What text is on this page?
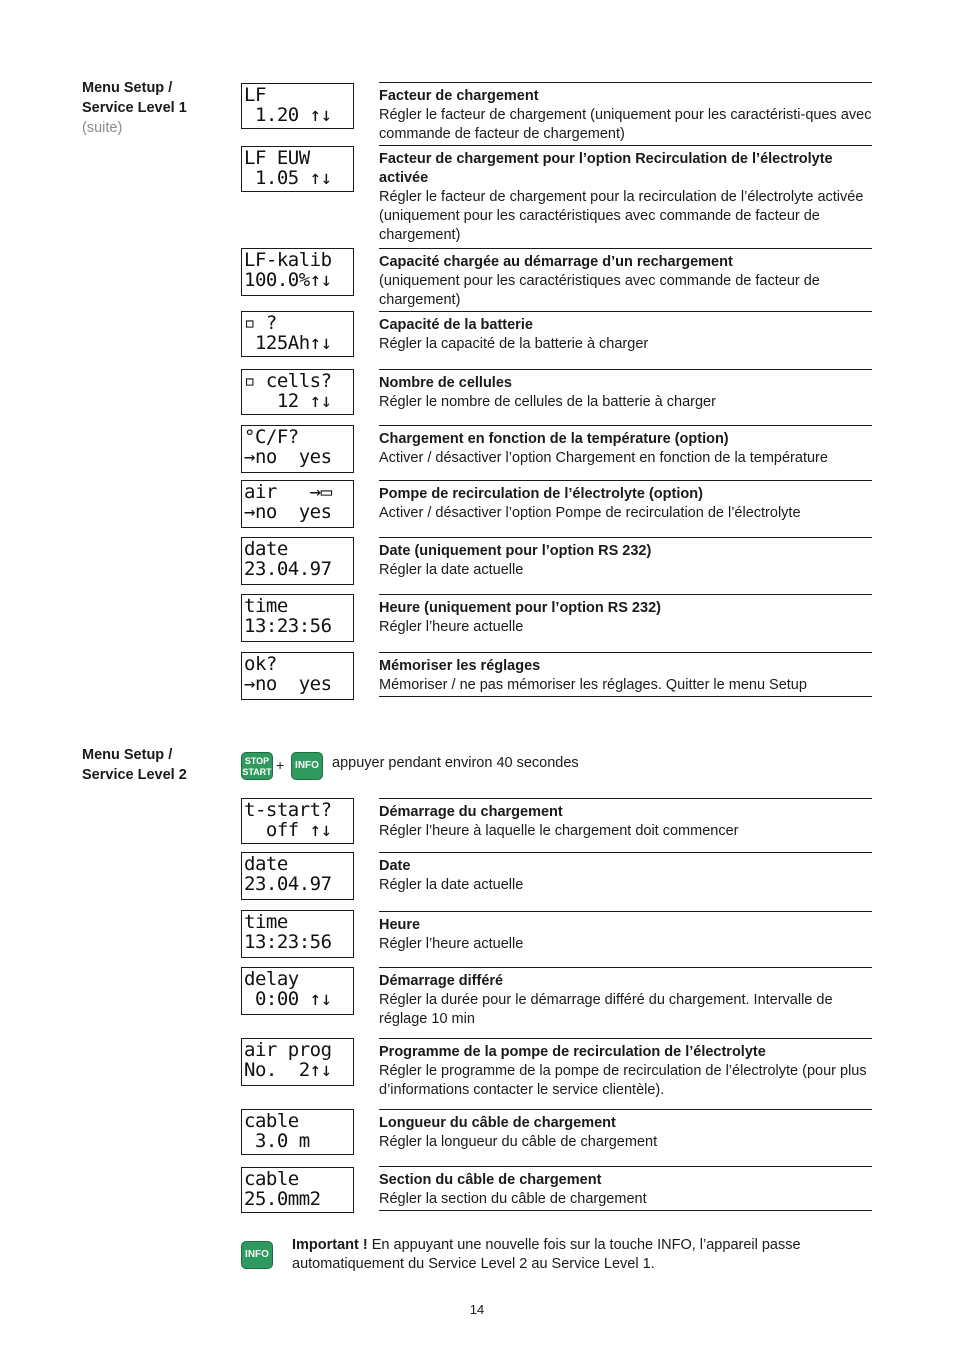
Menu Setup /
Service Level 1
(suite)
LF
1.20 ↑↓
Facteur de chargement
Régler le facteur de chargement (uniquement pour les caractéristi-ques avec commande de facteur de chargement)
LF EUW
1.05 ↑↓
Facteur de chargement pour l’option Recirculation de l’électrolyte activée
Régler le facteur de chargement pour la recirculation de l’électrolyte activée (uniquement pour les caractéristiques avec commande de facteur de chargement)
LF-kalib
100.0%↑↓
Capacité chargée au démarrage d’un rechargement
(uniquement pour les caractéristiques avec commande de facteur de chargement)
▫ ?
125Ah↑↓
Capacité de la batterie
Régler la capacité de la batterie à charger
▫ cells?
12 ↑↓
Nombre de cellules
Régler le nombre de cellules de la batterie à charger
°C/F?
→no  yes
Chargement en fonction de la température (option)
Activer / désactiver l’option Chargement en fonction de la température
air   →▭
→no  yes
Pompe de recirculation de l’électrolyte (option)
Activer / désactiver l’option Pompe de recirculation de l’électrolyte
date
23.04.97
Date (uniquement pour l’option RS 232)
Régler la date actuelle
time
13:23:56
Heure (uniquement pour l’option RS 232)
Régler l’heure actuelle
ok?
→no  yes
Mémoriser les réglages
Mémoriser / ne pas mémoriser les réglages. Quitter le menu Setup
t-start?
off ↑↓
Démarrage du chargement
Régler l’heure à laquelle le chargement doit commencer
date
23.04.97
Date
Régler la date actuelle
time
13:23:56
Heure
Régler l’heure actuelle
delay
0:00 ↑↓
Démarrage différé
Régler la durée pour le démarrage différé du chargement. Intervalle de réglage 10 min
air prog
No.  2↑↓
Programme de la pompe de recirculation de l’électrolyte
Régler le programme de la pompe de recirculation de l’électrolyte (pour plus d’informations contacter le service clientèle).
cable
3.0 m
Longueur du câble de chargement
Régler la longueur du câble de chargement
cable
25.0mm2
Section du câble de chargement
Régler la section du câble de chargement
Menu Setup /
Service Level 2
STOP
START +	INFO appuyer pendant environ 40 secondes
INFO
Important ! En appuyant une nouvelle fois sur la touche INFO, l’appareil passe automatiquement du Service Level 2 au Service Level 1.
14
